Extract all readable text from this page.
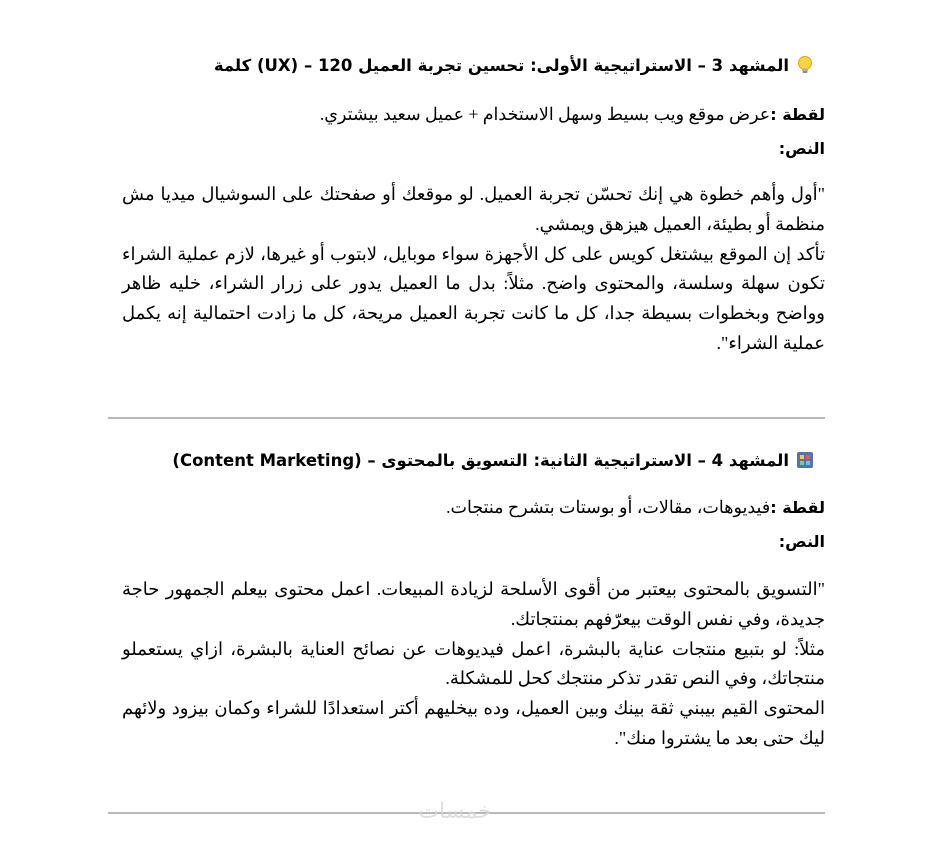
المشهد 3 – الاستراتيجية الأولى: تحسين تجربة العميل 120 – (UX) كلمة
لقطة :عرض موقع ويب بسيط وسهل الاستخدام + عميل سعيد بيشتري.
النص:

"أول وأهم خطوة هي إنك تحسّن تجربة العميل. لو موقعك أو صفحتك على السوشيال ميديا مش منظمة أو بطيئة، العميل هيزهق ويمشي.

تأكد إن الموقع بيشتغل كويس على كل الأجهزة سواء موبايل، لابتوب أو غيرها، لازم عملية الشراء تكون سهلة وسلسة، والمحتوى واضح. مثلاً: بدل ما العميل يدور على زرار الشراء، خليه ظاهر وواضح وبخطوات بسيطة جدا، كل ما كانت تجربة العميل مريحة، كل ما زادت احتمالية إنه يكمل عملية الشراء".

المشهد 4 – الاستراتيجية الثانية: التسويق بالمحتوى – (Content Marketing)
لقطة :فيديوهات، مقالات، أو بوستات بتشرح منتجات.
النص:

"التسويق بالمحتوى بيعتبر من أقوى الأسلحة لزيادة المبيعات. اعمل محتوى بيعلم الجمهور حاجة جديدة، وفي نفس الوقت بيعرّفهم بمنتجاتك.

مثلاً: لو بتبيع منتجات عناية بالبشرة، اعمل فيديوهات عن نصائح العناية بالبشرة، ازاي يستعملو منتجاتك، وفي النص تقدر تذكر منتجك كحل للمشكلة.

المحتوى القيم بيبني ثقة بينك وبين العميل، وده بيخليهم أكتر استعدادًا للشراء وكمان بيزود ولائهم ليك حتى بعد ما يشتروا منك".

خمسات
